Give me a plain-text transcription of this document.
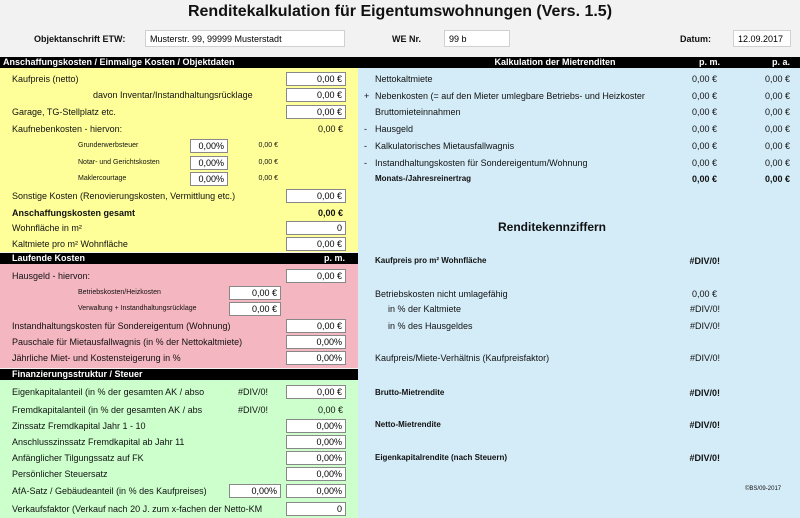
Renditekalkulation für Eigentumswohnungen (Vers. 1.5)
Objektanschrift ETW:	Musterstr. 99, 99999 Musterstadt	WE Nr.	99 b	Datum:	12.09.2017
Anschaffungskosten / Einmalige Kosten / Objektdaten
Kaufpreis (netto)	0,00 €
davon Inventar/Instandhaltungsrücklage	0,00 €
Garage, TG-Stellplatz etc.	0,00 €
Kaufnebenkosten - hiervon:	0,00 €
Grunderwerbsteuer	0,00%	0,00 €
Notar- und Gerichtskosten	0,00%	0,00 €
Maklercourtage	0,00%	0,00 €
Sonstige Kosten (Renovierungskosten, Vermittlung etc.)	0,00 €
Anschaffungskosten gesamt	0,00 €
Wohnfläche in m²	0
Kaltmiete pro m² Wohnfläche	0,00 €
Laufende Kosten	p. m.
Hausgeld - hiervon:	0,00 €
Betriebskosten/Heizkosten	0,00 €
Verwaltung + Instandhaltungsrücklage	0,00 €
Instandhaltungskosten für Sondereigentum (Wohnung)	0,00 €
Pauschale für Mietausfallwagnis (in % der Nettokaltmiete)	0,00%
Jährliche Miet- und Kostensteigerung in %	0,00%
Finanzierungsstruktur / Steuer
Eigenkapitalanteil (in % der gesamten AK / abso	#DIV/0!	0,00 €
Fremdkapitalanteil (in % der gesamten AK / abs	#DIV/0!	0,00 €
Zinssatz Fremdkapital Jahr 1 - 10	0,00%
Anschlusszinssatz Fremdkapital ab Jahr 11	0,00%
Anfänglicher Tilgungssatz auf FK	0,00%
Persönlicher Steuersatz	0,00%
AfA-Satz / Gebäudeanteil (in % des Kaufpreises)	0,00%	0,00%
Verkaufsfaktor (Verkauf nach 20 J. zum x-fachen der Netto-KM	0
Kalkulation der Mietrenditen	p. m.	p. a.
Nettokaltmiete	0,00 €	0,00 €
+ Nebenkosten (= auf den Mieter umlegbare Betriebs- und Heizkoster	0,00 €	0,00 €
Bruttomieteinnahmen	0,00 €	0,00 €
- Hausgeld	0,00 €	0,00 €
- Kalkulatorisches Mietausfallwagnis	0,00 €	0,00 €
- Instandhaltungskosten für Sondereigentum/Wohnung	0,00 €	0,00 €
Monats-/Jahresreinertrag	0,00 €	0,00 €
Renditekennziffern
Kaufpreis pro m² Wohnfläche	#DIV/0!
Betriebskosten nicht umlagefähig	0,00 €
in % der Kaltmiete	#DIV/0!
in % des Hausgeldes	#DIV/0!
Kaufpreis/Miete-Verhältnis (Kaufpreisfaktor)	#DIV/0!
Brutto-Mietrendite	#DIV/0!
Netto-Mietrendite	#DIV/0!
Eigenkapitalrendite (nach Steuern)	#DIV/0!
©BS/09-2017
